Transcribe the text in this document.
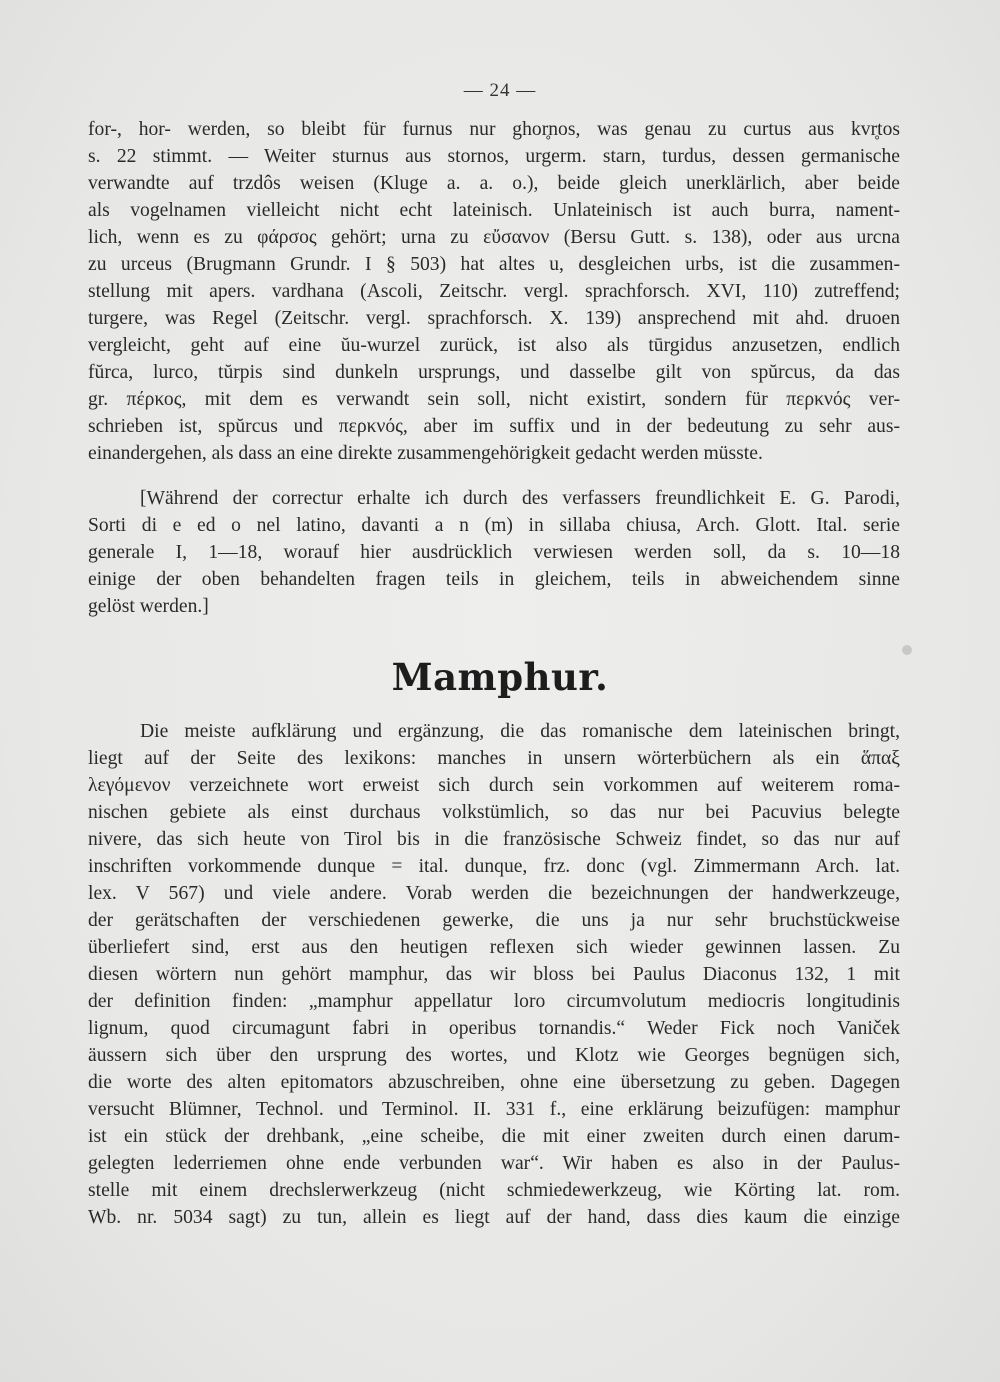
— 24 —
for-, hor- werden, so bleibt für furnus nur ghor̥nos, was genau zu curtus aus kvr̥tos
s. 22 stimmt. — Weiter sturnus aus stornos, urgerm. starn, turdus, dessen germanische
verwandte auf trzdôs weisen (Kluge a. a. o.), beide gleich unerklärlich, aber beide
als vogelnamen vielleicht nicht echt lateinisch. Unlateinisch ist auch burra, nament-
lich, wenn es zu φάρσος gehört; urna zu εὔσανον (Bersu Gutt. s. 138), oder aus urcna
zu urceus (Brugmann Grundr. I § 503) hat altes u, desgleichen urbs, ist die zusammen-
stellung mit apers. vardhana (Ascoli, Zeitschr. vergl. sprachforsch. XVI, 110) zutreffend;
turgere, was Regel (Zeitschr. vergl. sprachforsch. X. 139) ansprechend mit ahd. druoen
vergleicht, geht auf eine ŭu-wurzel zurück, ist also als tūrgidus anzusetzen, endlich
fŭrca, lurco, tŭrpis sind dunkeln ursprungs, und dasselbe gilt von spŭrcus, da das
gr. πέρκος, mit dem es verwandt sein soll, nicht existirt, sondern für περκνός ver-
schrieben ist, spŭrcus und περκνός, aber im suffix und in der bedeutung zu sehr aus-
einandergehen, als dass an eine direkte zusammengehörigkeit gedacht werden müsste.
[Während der correctur erhalte ich durch des verfassers freundlichkeit E. G. Parodi,
Sorti di e ed o nel latino, davanti a n (m) in sillaba chiusa, Arch. Glott. Ital. serie
generale I, 1—18, worauf hier ausdrücklich verwiesen werden soll, da s. 10—18
einige der oben behandelten fragen teils in gleichem, teils in abweichendem sinne
gelöst werden.]
Mamphur.
Die meiste aufklärung und ergänzung, die das romanische dem lateinischen bringt,
liegt auf der Seite des lexikons: manches in unsern wörterbüchern als ein ἅπαξ
λεγόμενον verzeichnete wort erweist sich durch sein vorkommen auf weiterem roma-
nischen gebiete als einst durchaus volkstümlich, so das nur bei Pacuvius belegte
nivere, das sich heute von Tirol bis in die französische Schweiz findet, so das nur auf
inschriften vorkommende dunque = ital. dunque, frz. donc (vgl. Zimmermann Arch. lat.
lex. V 567) und viele andere. Vorab werden die bezeichnungen der handwerkzeuge,
der gerätschaften der verschiedenen gewerke, die uns ja nur sehr bruchstückweise
überliefert sind, erst aus den heutigen reflexen sich wieder gewinnen lassen. Zu
diesen wörtern nun gehört mamphur, das wir bloss bei Paulus Diaconus 132, 1 mit
der definition finden: „mamphur appellatur loro circumvolutum mediocris longitudinis
lignum, quod circumagunt fabri in operibus tornandis.“ Weder Fick noch Vaniček
äussern sich über den ursprung des wortes, und Klotz wie Georges begnügen sich,
die worte des alten epitomators abzuschreiben, ohne eine übersetzung zu geben. Dagegen
versucht Blümner, Technol. und Terminol. II. 331 f., eine erklärung beizufügen: mamphur
ist ein stück der drehbank, „eine scheibe, die mit einer zweiten durch einen darum-
gelegten lederriemen ohne ende verbunden war“. Wir haben es also in der Paulus-
stelle mit einem drechslerwerkzeug (nicht schmiedewerkzeug, wie Körting lat. rom.
Wb. nr. 5034 sagt) zu tun, allein es liegt auf der hand, dass dies kaum die einzige
